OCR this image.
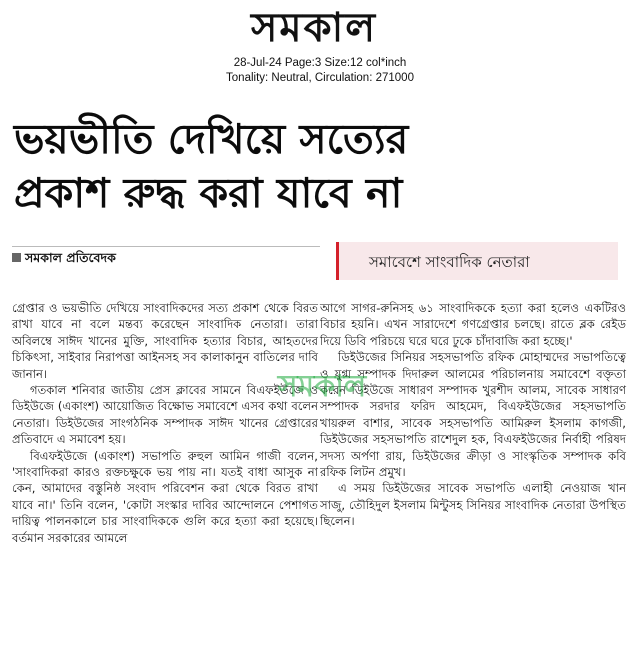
সমকাল
28-Jul-24 Page:3 Size:12 col*inch
Tonality: Neutral, Circulation: 271000
ভয়ভীতি দেখিয়ে সত্যের
প্রকাশ রুদ্ধ করা যাবে না
সমকাল প্রতিবেদক	সমাবেশে সাংবাদিক নেতারা

গ্রেপ্তার ও ভয়ভীতি দেখিয়ে সাংবাদিকদের সত্য প্রকাশ থেকে বিরত রাখা যাবে না বলে মন্তব্য করেছেন সাংবাদিক নেতারা। তারা অবিলম্বে সাঈদ খানের মুক্তি, সাংবাদিক হত্যার বিচার, আহতদের চিকিৎসা, সাইবার নিরাপত্তা আইনসহ সব কালাকানুন বাতিলের দাবি জানান।

গতকাল শনিবার জাতীয় প্রেস ক্লাবের সামনে বিএফইউজে ও ডিইউজে (একাংশ) আয়োজিত বিক্ষোভ সমাবেশে এসব কথা বলেন নেতারা। ডিইউজের সাংগঠনিক সম্পাদক সাঈদ খানের গ্রেপ্তারের প্রতিবাদে এ সমাবেশ হয়।

বিএফইউজে (একাংশ) সভাপতি রুহুল আমিন গাজী বলেন, 'সাংবাদিকরা কারও রক্তচক্ষুকে ভয় পায় না। যতই বাধা আসুক না কেন, আমাদের বস্তুনিষ্ঠ সংবাদ পরিবেশন করা থেকে বিরত রাখা যাবে না।' তিনি বলেন, 'কোটা সংস্কার দাবির আন্দোলনে পেশাগত দায়িত্ব পালনকালে চার সাংবাদিককে গুলি করে হত্যা করা হয়েছে। বর্তমান সরকারের আমলে

আগে সাগর-রুনিসহ ৬১ সাংবাদিককে হত্যা করা হলেও একটিরও বিচার হয়নি। এখন সারাদেশে গণগ্রেপ্তার চলছে। রাতে ব্লক রেইড দিয়ে ডিবি পরিচয়ে ঘরে ঘরে ঢুকে চাঁদাবাজি করা হচ্ছে।'

ডিইউজের সিনিয়র সহসভাপতি রফিক মোহাম্মদের সভাপতিত্বে ও যুগ্ম সম্পাদক দিদারুল আলমের পরিচালনায় সমাবেশে বক্তৃতা করেন ডিইউজে সাধারণ সম্পাদক খুরশীদ আলম, সাবেক সাধারণ সম্পাদক সরদার ফরিদ আহমেদ, বিএফইউজের সহসভাপতি খায়রুল বাশার, সাবেক সহসভাপতি আমিরুল ইসলাম কাগজী, ডিইউজের সহসভাপতি রাশেদুল হক, বিএফইউজের নির্বাহী পরিষদ সদস্য অর্পণা রায়, ডিইউজের ক্রীড়া ও সাংস্কৃতিক সম্পাদক কবি রফিক লিটন প্রমুখ।

এ সময় ডিইউজের সাবেক সভাপতি এলাহী নেওয়াজ খান সাজু, তৌহিদুল ইসলাম মিন্টুসহ সিনিয়র সাংবাদিক নেতারা উপস্থিত ছিলেন।

সমকাল
